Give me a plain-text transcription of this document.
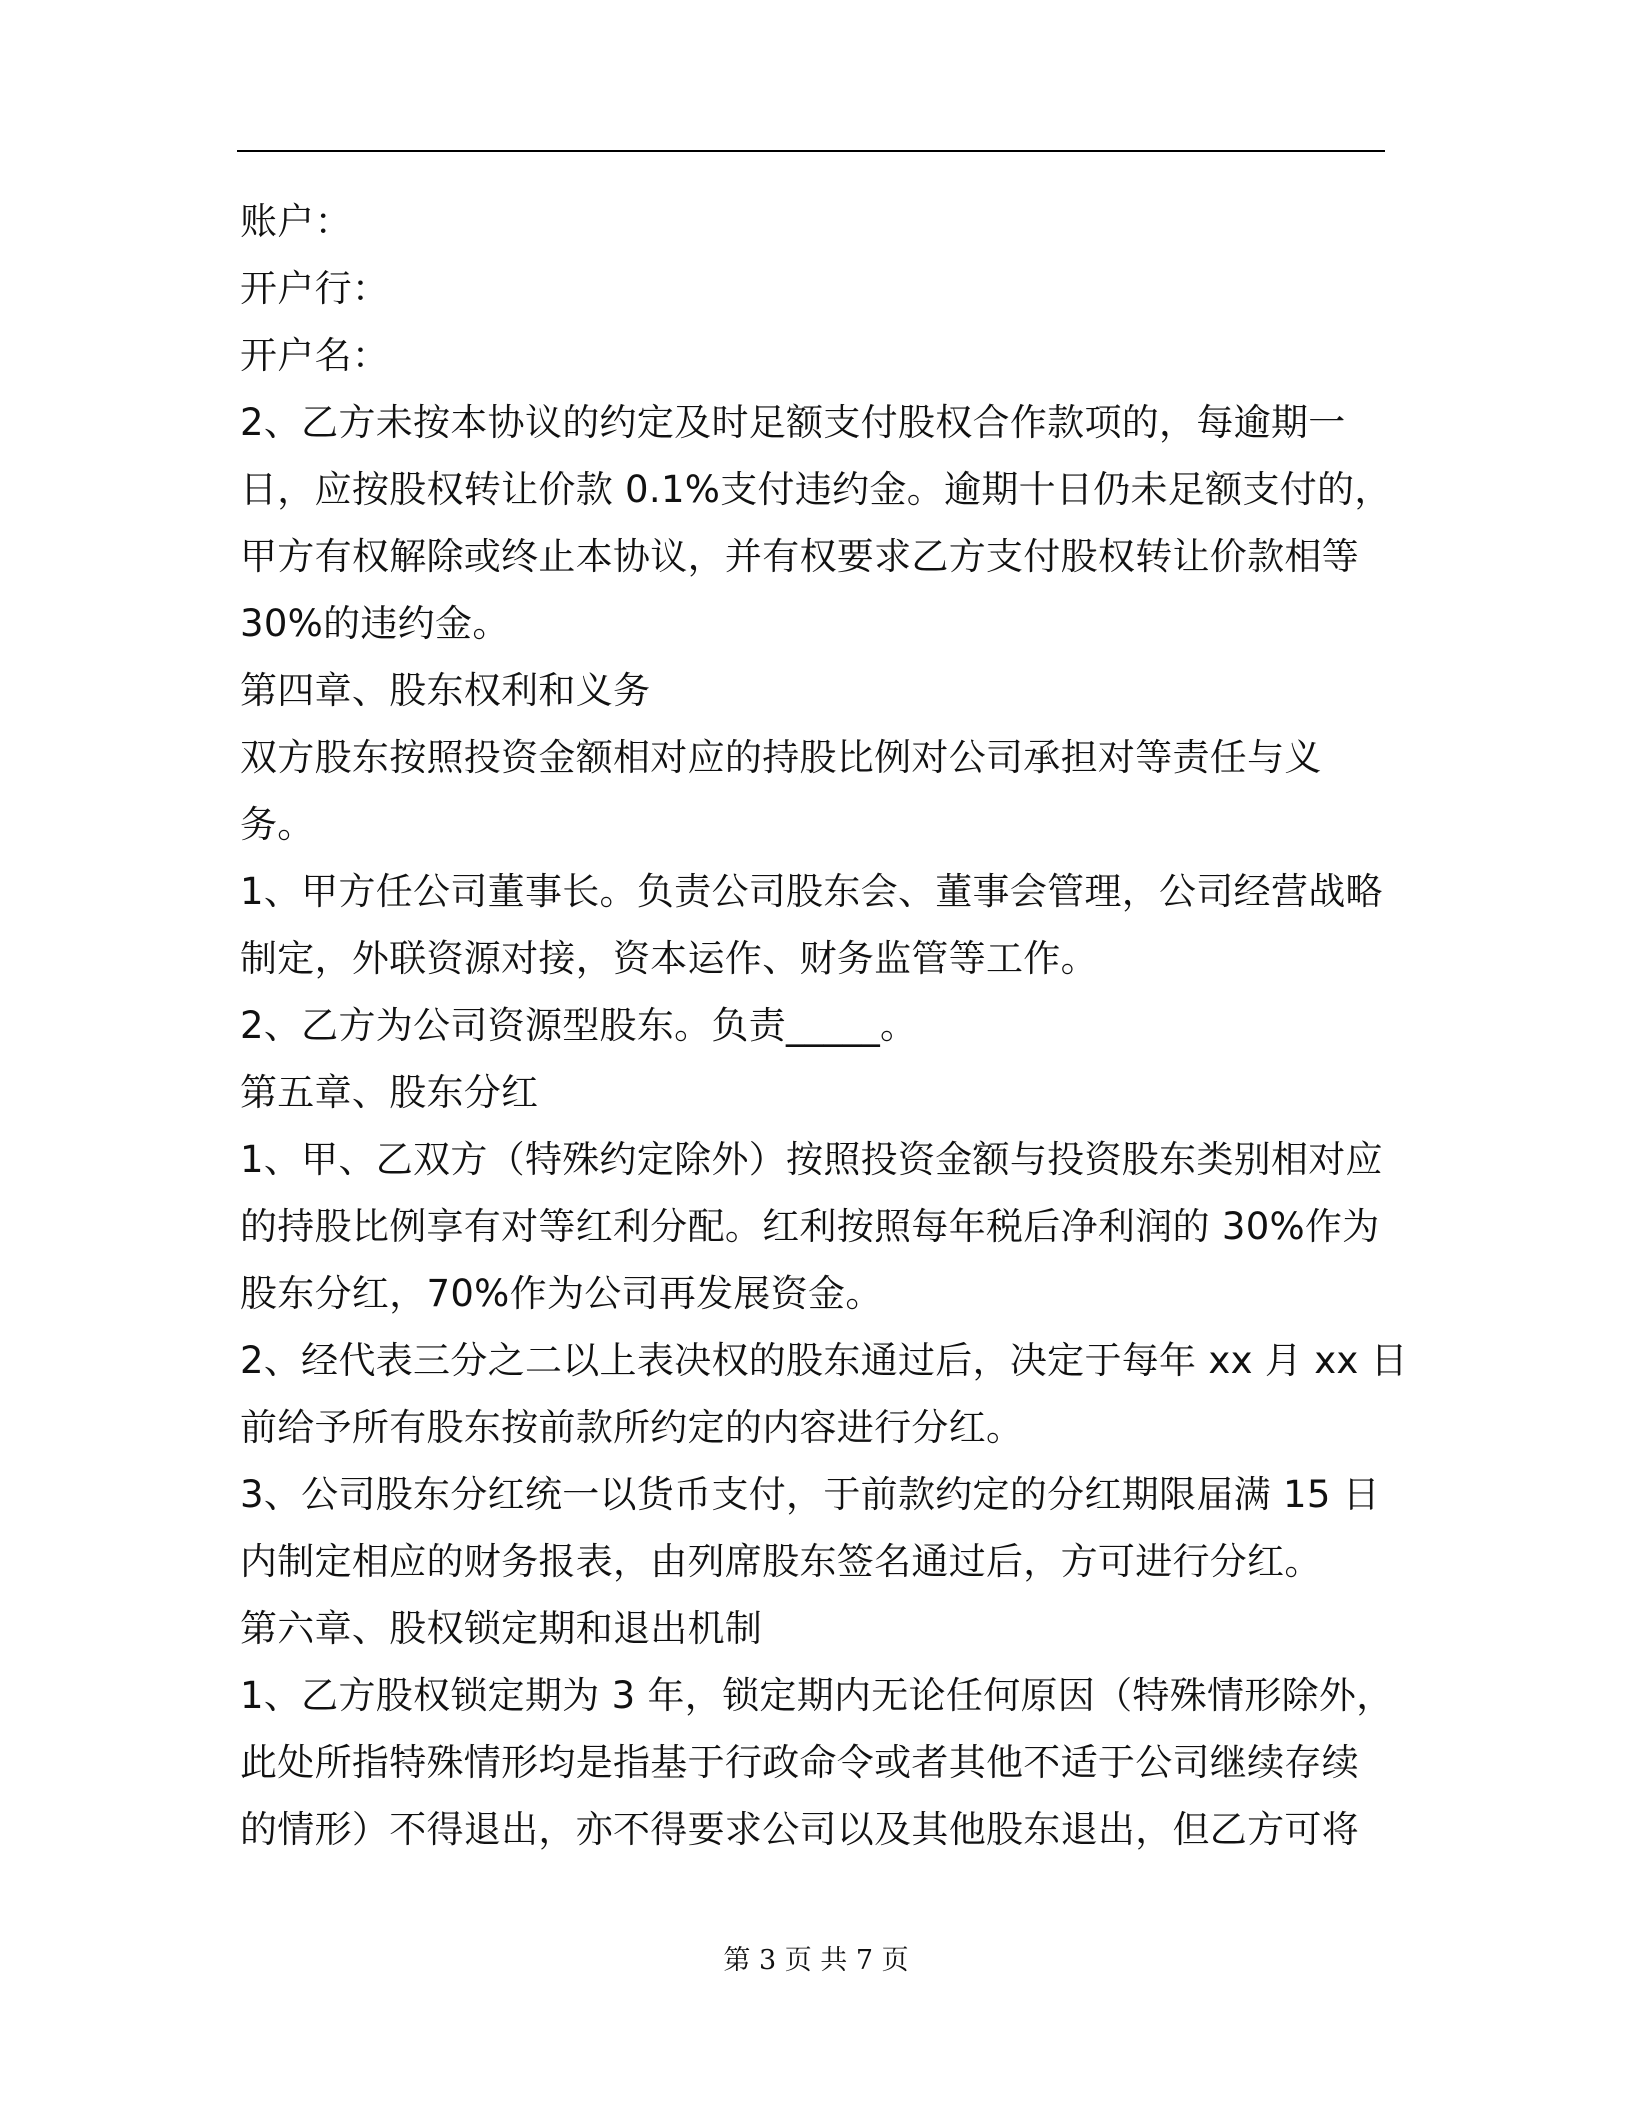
账户：
开户行：
开户名：
2、乙方未按本协议的约定及时足额支付股权合作款项的，每逾期一
日，应按股权转让价款 0.1%支付违约金。逾期十日仍未足额支付的，
甲方有权解除或终止本协议，并有权要求乙方支付股权转让价款相等
30%的违约金。
第四章、股东权利和义务
双方股东按照投资金额相对应的持股比例对公司承担对等责任与义
务。
1、甲方任公司董事长。负责公司股东会、董事会管理，公司经营战略
制定，外联资源对接，资本运作、财务监管等工作。
2、乙方为公司资源型股东。负责_____。
第五章、股东分红
1、甲、乙双方（特殊约定除外）按照投资金额与投资股东类别相对应
的持股比例享有对等红利分配。红利按照每年税后净利润的 30%作为
股东分红，70%作为公司再发展资金。
2、经代表三分之二以上表决权的股东通过后，决定于每年 xx 月 xx 日
前给予所有股东按前款所约定的内容进行分红。
3、公司股东分红统一以货币支付，于前款约定的分红期限届满 15 日
内制定相应的财务报表，由列席股东签名通过后，方可进行分红。
第六章、股权锁定期和退出机制
1、乙方股权锁定期为 3 年，锁定期内无论任何原因（特殊情形除外，
此处所指特殊情形均是指基于行政命令或者其他不适于公司继续存续
的情形）不得退出，亦不得要求公司以及其他股东退出，但乙方可将
第 3 页 共 7 页
